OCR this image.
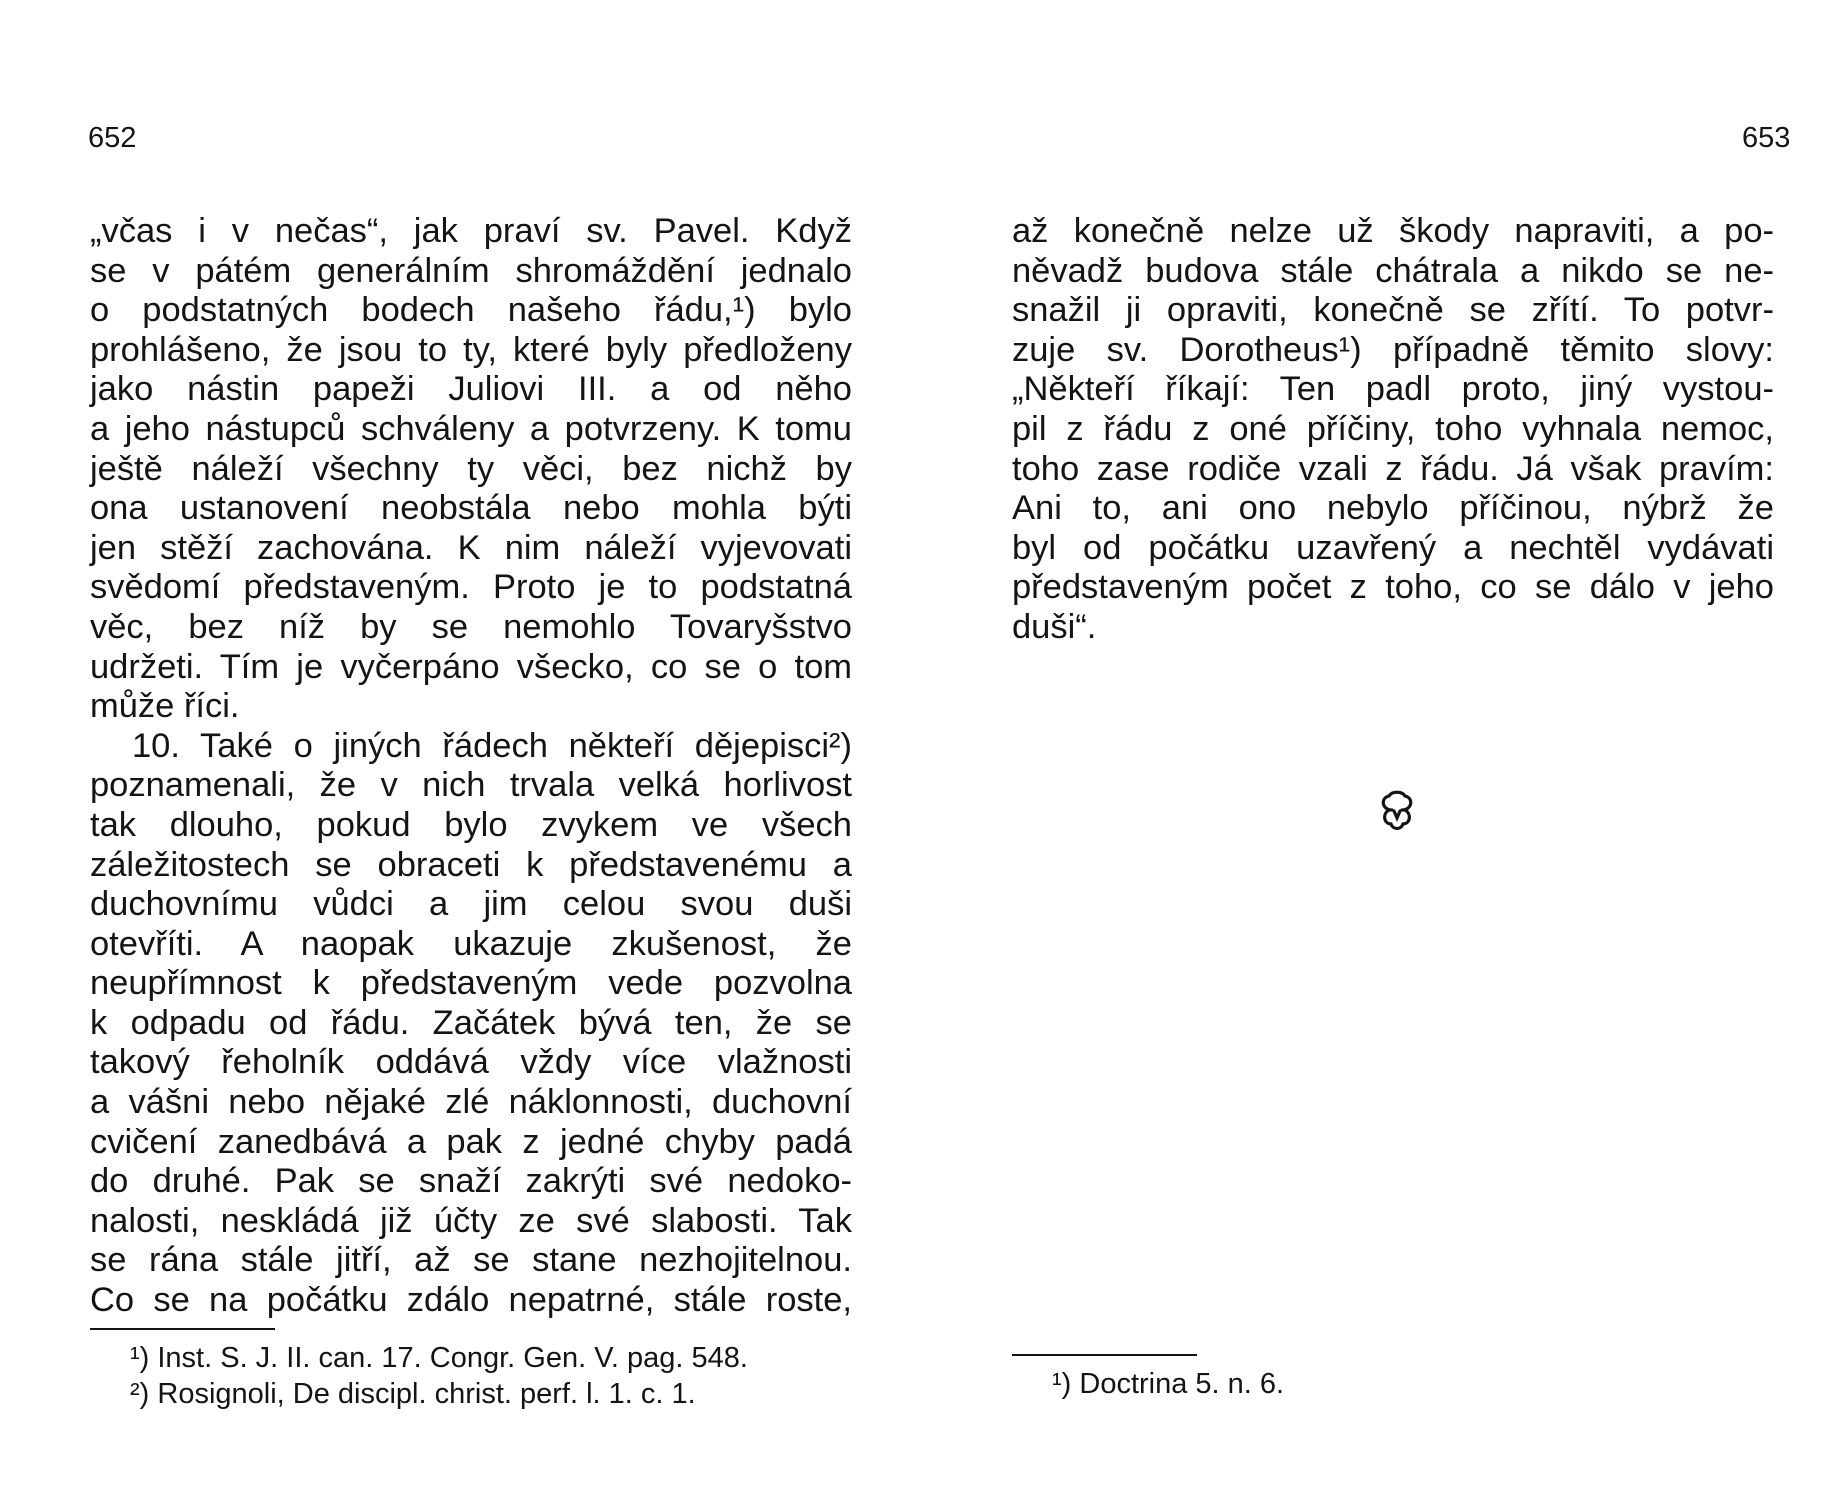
652
„včas i v nečas“, jak praví sv. Pavel. Když
se v pátém generálním shromáždění jednalo
o podstatných bodech našeho řádu,¹) bylo
prohlášeno, že jsou to ty, které byly předloženy
jako nástin papeži Juliovi III. a od něho
a jeho nástupců schváleny a potvrzeny. K tomu
ještě náleží všechny ty věci, bez nichž by
ona ustanovení neobstála nebo mohla býti
jen stěží zachována. K nim náleží vyjevovati
svědomí představeným. Proto je to podstatná
věc, bez níž by se nemohlo Tovaryšstvo
udržeti. Tím je vyčerpáno všecko, co se o tom
může říci.
10. Také o jiných řádech někteří dějepisci²)
poznamenali, že v nich trvala velká horlivost
tak dlouho, pokud bylo zvykem ve všech
záležitostech se obraceti k představenému a
duchovnímu vůdci a jim celou svou duši
otevříti. A naopak ukazuje zkušenost, že
neupřímnost k představeným vede pozvolna
k odpadu od řádu. Začátek bývá ten, že se
takový řeholník oddává vždy více vlažnosti
a vášni nebo nějaké zlé náklonnosti, duchovní
cvičení zanedbává a pak z jedné chyby padá
do druhé. Pak se snaží zakrýti své nedoko-
nalosti, neskládá již účty ze své slabosti. Tak
se rána stále jitří, až se stane nezhojitelnou.
Co se na počátku zdálo nepatrné, stále roste,
¹) Inst. S. J. II. can. 17. Congr. Gen. V. pag. 548.
²) Rosignoli, De discipl. christ. perf. l. 1. c. 1.
653
až konečně nelze už škody napraviti, a po-
něvadž budova stále chátrala a nikdo se ne-
snažil ji opraviti, konečně se zřítí. To potvr-
zuje sv. Dorotheus¹) případně těmito slovy:
„Někteří říkají: Ten padl proto, jiný vystou-
pil z řádu z oné příčiny, toho vyhnala nemoc,
toho zase rodiče vzali z řádu. Já však pravím:
Ani to, ani ono nebylo příčinou, nýbrž že
byl od počátku uzavřený a nechtěl vydávati
představeným počet z toho, co se dálo v jeho
duši“.
¹) Doctrina 5. n. 6.
